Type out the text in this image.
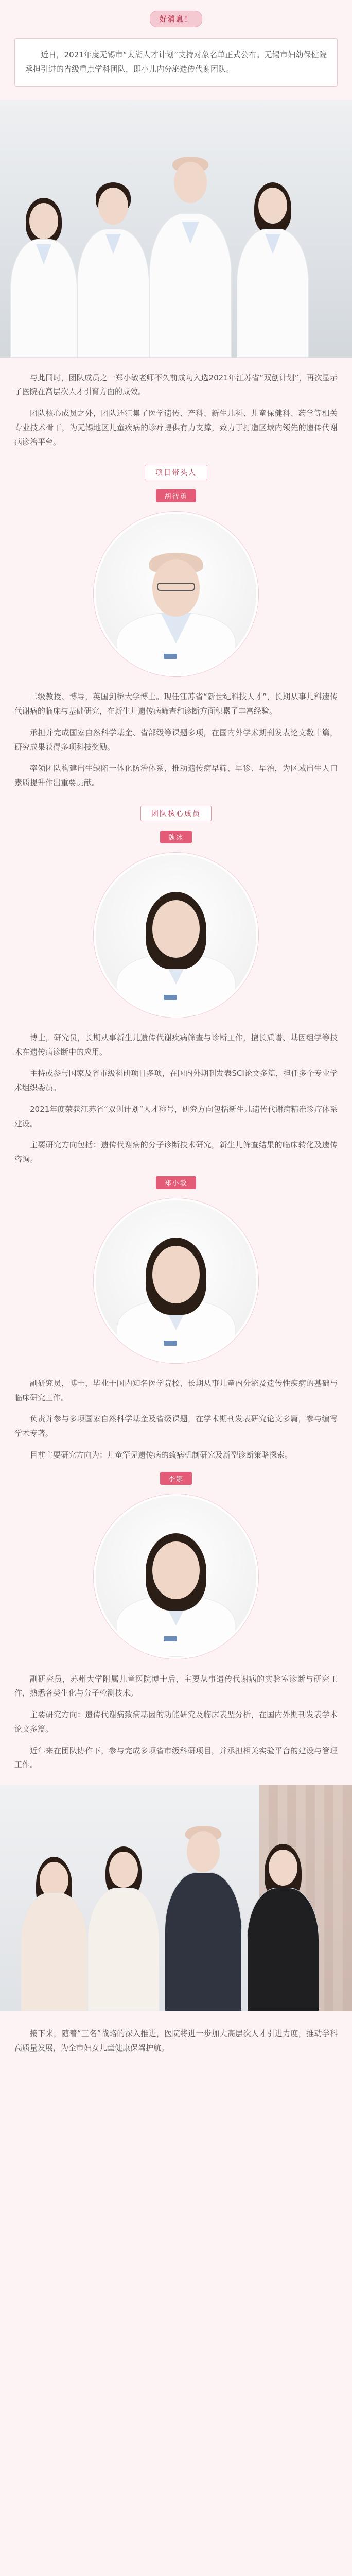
好消息！

近日，2021年度无锡市“太湖人才计划”支持对象名单正式公布。无锡市妇幼保健院承担引进的省级重点学科团队，即小儿内分泌遗传代谢团队。

与此同时，团队成员之一郑小敏老师不久前成功入选2021年江苏省“双创计划”，再次显示了医院在高层次人才引育方面的成效。

团队核心成员之外，团队还汇集了医学遗传、产科、新生儿科、儿童保健科、药学等相关专业技术骨干，为无锡地区儿童疾病的诊疗提供有力支撑，致力于打造区域内领先的遗传代谢病诊治平台。

项目带头人
胡智勇

二级教授、博导，英国剑桥大学博士。现任江苏省“新世纪科技人才”，长期从事儿科遗传代谢病的临床与基础研究，在新生儿遗传病筛查和诊断方面积累了丰富经验。

承担并完成国家自然科学基金、省部级等课题多项，在国内外学术期刊发表论文数十篇，研究成果获得多项科技奖励。

率领团队构建出生缺陷一体化防治体系，推动遗传病早筛、早诊、早治，为区域出生人口素质提升作出重要贡献。

团队核心成员
魏冰

博士，研究员，长期从事新生儿遗传代谢疾病筛查与诊断工作，擅长质谱、基因组学等技术在遗传病诊断中的应用。

主持或参与国家及省市级科研项目多项，在国内外期刊发表SCI论文多篇，担任多个专业学术组织委员。

2021年度荣获江苏省“双创计划”人才称号，研究方向包括新生儿遗传代谢病精准诊疗体系建设。

主要研究方向包括：遗传代谢病的分子诊断技术研究，新生儿筛查结果的临床转化及遗传咨询。

郑小敏

副研究员，博士，毕业于国内知名医学院校，长期从事儿童内分泌及遗传性疾病的基础与临床研究工作。

负责并参与多项国家自然科学基金及省级课题，在学术期刊发表研究论文多篇，参与编写学术专著。

目前主要研究方向为：儿童罕见遗传病的致病机制研究及新型诊断策略探索。

李娜

副研究员，苏州大学附属儿童医院博士后，主要从事遗传代谢病的实验室诊断与研究工作，熟悉各类生化与分子检测技术。

主要研究方向：遗传代谢病致病基因的功能研究及临床表型分析，在国内外期刊发表学术论文多篇。

近年来在团队协作下，参与完成多项省市级科研项目，并承担相关实验平台的建设与管理工作。

接下来，随着“三名”战略的深入推进，医院将进一步加大高层次人才引进力度，推动学科高质量发展，为全市妇女儿童健康保驾护航。
